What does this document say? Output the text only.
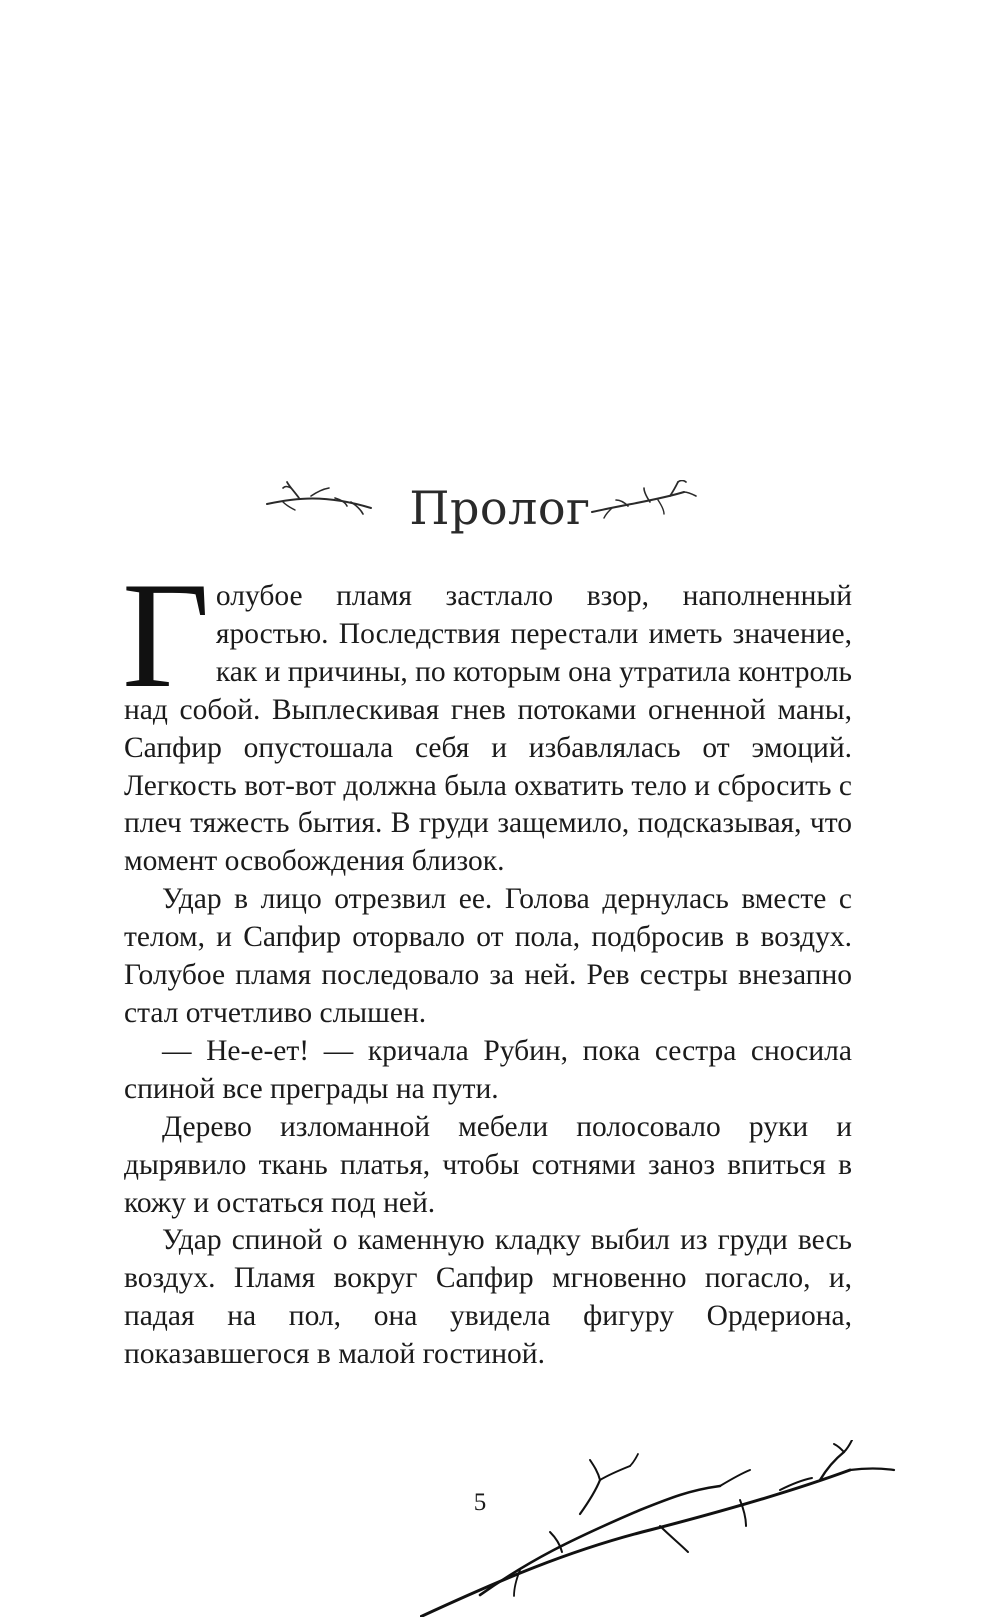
Пролог

Голубое пламя застлало взор, наполненный яростью. Последствия перестали иметь значение, как и причины, по которым она утратила контроль над собой. Выплескивая гнев потоками огненной маны, Сапфир опустошала себя и избавлялась от эмоций. Легкость вот-вот должна была охватить тело и сбросить с плеч тяжесть бытия. В груди защемило, подсказывая, что момент освобождения близок.

Удар в лицо отрезвил ее. Голова дернулась вместе с телом, и Сапфир оторвало от пола, подбросив в воздух. Голубое пламя последовало за ней. Рев сестры внезапно стал отчетливо слышен.

— Не-е-ет! — кричала Рубин, пока сестра сносила спиной все преграды на пути.

Дерево изломанной мебели полосовало руки и дырявило ткань платья, чтобы сотнями заноз впиться в кожу и остаться под ней.

Удар спиной о каменную кладку выбил из груди весь воздух. Пламя вокруг Сапфир мгновенно погасло, и, падая на пол, она увидела фигуру Ордериона, показавшегося в малой гостиной.

5
